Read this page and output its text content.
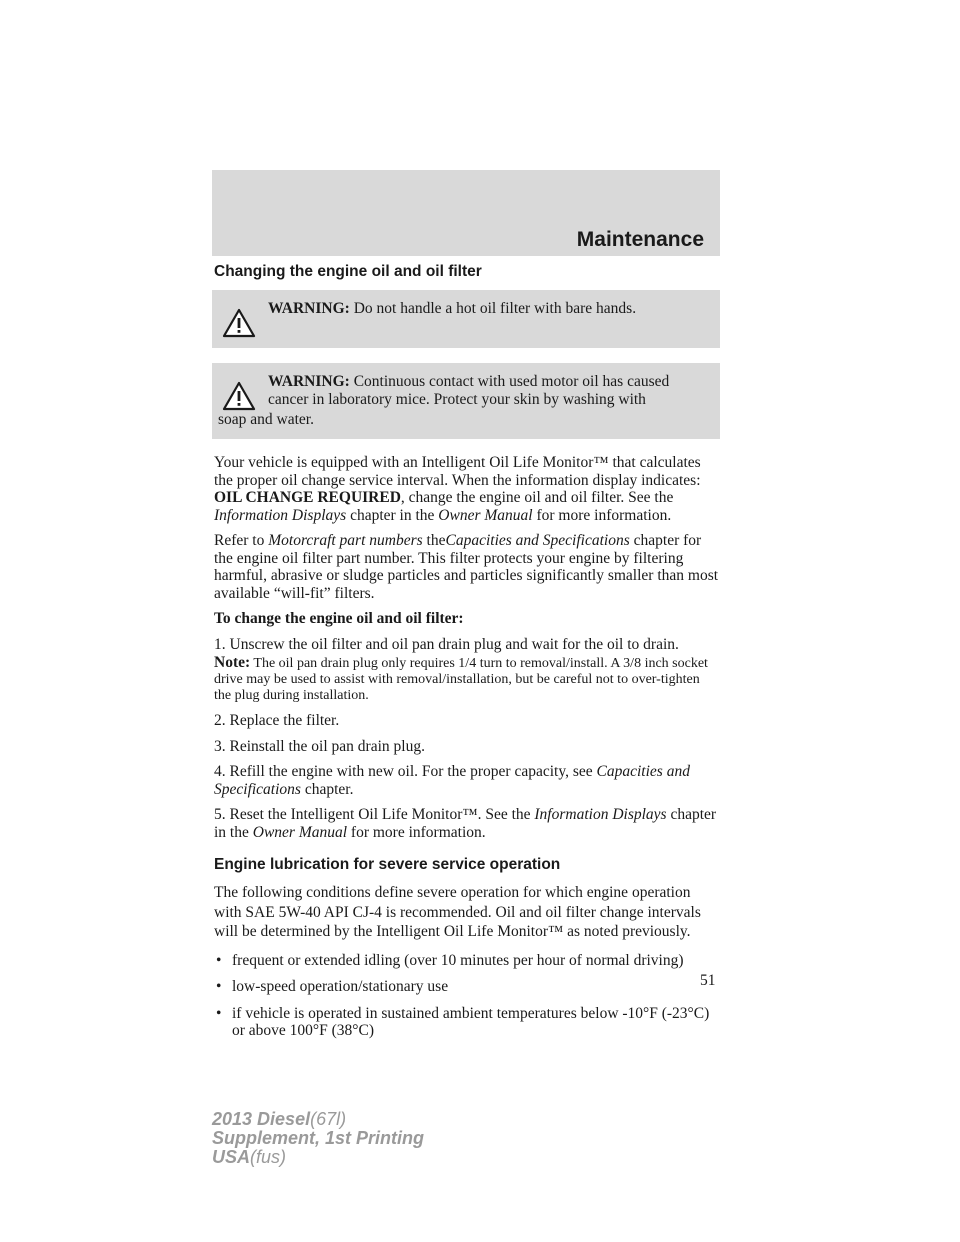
Maintenance
Changing the engine oil and oil filter
WARNING: Do not handle a hot oil filter with bare hands.
WARNING: Continuous contact with used motor oil has caused cancer in laboratory mice. Protect your skin by washing with
soap and water.

Your vehicle is equipped with an Intelligent Oil Life Monitor™ that calculates the proper oil change service interval. When the information display indicates: OIL CHANGE REQUIRED, change the engine oil and oil filter. See the Information Displays chapter in the Owner Manual for more information.

Refer to Motorcraft part numbers theCapacities and Specifications chapter for the engine oil filter part number. This filter protects your engine by filtering harmful, abrasive or sludge particles and particles significantly smaller than most available “will-fit” filters.

To change the engine oil and oil filter:

1. Unscrew the oil filter and oil pan drain plug and wait for the oil to drain.

Note: The oil pan drain plug only requires 1/4 turn to removal/install. A 3/8 inch socket drive may be used to assist with removal/installation, but be careful not to over-tighten the plug during installation.

2. Replace the filter.

3. Reinstall the oil pan drain plug.

4. Refill the engine with new oil. For the proper capacity, see Capacities and Specifications chapter.

5. Reset the Intelligent Oil Life Monitor™. See the Information Displays chapter in the Owner Manual for more information.

Engine lubrication for severe service operation

The following conditions define severe operation for which engine operation with SAE 5W-40 API CJ-4 is recommended. Oil and oil filter change intervals will be determined by the Intelligent Oil Life Monitor™ as noted previously.

• frequent or extended idling (over 10 minutes per hour of normal driving)
• low-speed operation/stationary use
• if vehicle is operated in sustained ambient temperatures below -10°F (-23°C) or above 100°F (38°C)
51
2013 Diesel(67l)
Supplement, 1st Printing
USA(fus)
